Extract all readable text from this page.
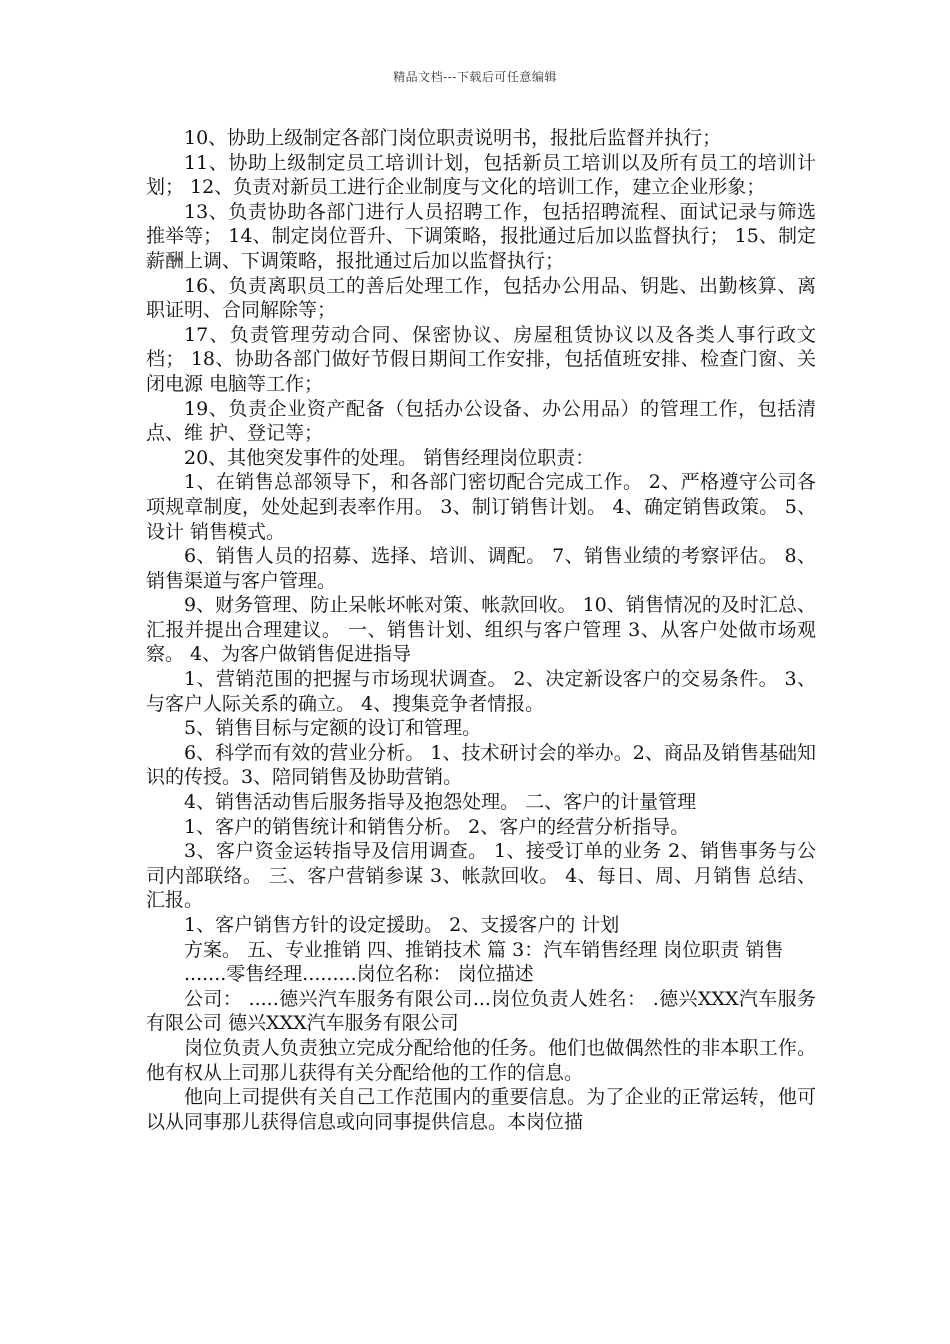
精品文档---下载后可任意编辑

10、协助上级制定各部门岗位职责说明书，报批后监督并执行；

11、协助上级制定员工培训计划，包括新员工培训以及所有员工的培训计划； 12、负责对新员工进行企业制度与文化的培训工作，建立企业形象；

13、负责协助各部门进行人员招聘工作，包括招聘流程、面试记录与筛选推举等； 14、制定岗位晋升、下调策略，报批通过后加以监督执行； 15、制定薪酬上调、下调策略，报批通过后加以监督执行；

16、负责离职员工的善后处理工作，包括办公用品、钥匙、出勤核算、离职证明、合同解除等；

17、负责管理劳动合同、保密协议、房屋租赁协议以及各类人事行政文档； 18、协助各部门做好节假日期间工作安排，包括值班安排、检查门窗、关闭电源 电脑等工作；

19、负责企业资产配备（包括办公设备、办公用品）的管理工作，包括清点、维 护、登记等；

20、其他突发事件的处理。 销售经理岗位职责：

1、在销售总部领导下，和各部门密切配合完成工作。 2、严格遵守公司各项规章制度，处处起到表率作用。 3、制订销售计划。 4、确定销售政策。 5、设计 销售模式。

6、销售人员的招募、选择、培训、调配。 7、销售业绩的考察评估。 8、销售渠道与客户管理。

9、财务管理、防止呆帐坏帐对策、帐款回收。 10、销售情况的及时汇总、汇报并提出合理建议。 一、销售计划、组织与客户管理 3、从客户处做市场观察。 4、为客户做销售促进指导

1、营销范围的把握与市场现状调查。 2、决定新设客户的交易条件。 3、与客户人际关系的确立。 4、搜集竞争者情报。

5、销售目标与定额的设订和管理。

6、科学而有效的营业分析。 1、技术研讨会的举办。2、商品及销售基础知识的传授。3、陪同销售及协助营销。

4、销售活动售后服务指导及抱怨处理。 二、客户的计量管理

1、客户的销售统计和销售分析。 2、客户的经营分析指导。

3、客户资金运转指导及信用调查。 1、接受订单的业务 2、销售事务与公司内部联络。 三、客户营销参谋 3、帐款回收。 4、每日、周、月销售 总结、汇报。

1、客户销售方针的设定援助。 2、支援客户的 计划

方案。 五、专业推销 四、推销技术 篇 3：汽车销售经理 岗位职责 销售

.......零售经理.........岗位名称： 岗位描述

公司： .....德兴汽车服务有限公司...岗位负责人姓名： .德兴XXX汽车服务有限公司 德兴XXX汽车服务有限公司

岗位负责人负责独立完成分配给他的任务。他们也做偶然性的非本职工作。 他有权从上司那儿获得有关分配给他的工作的信息。

他向上司提供有关自己工作范围内的重要信息。为了企业的正常运转，他可以从同事那儿获得信息或向同事提供信息。本岗位描
